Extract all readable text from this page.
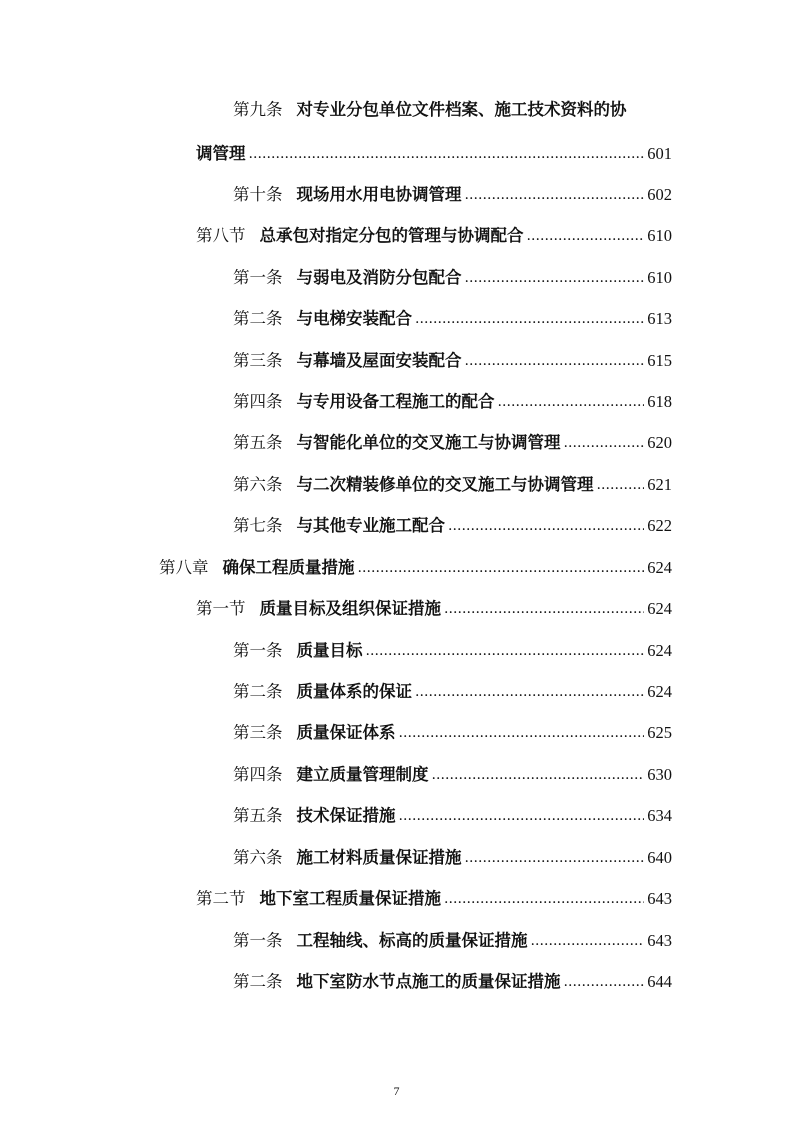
第九条 对专业分包单位文件档案、施工技术资料的协
调管理 . . .	601
第十条 现场用水用电协调管理 . . .	602
第八节 总承包对指定分包的管理与协调配合 . . .	610
第一条 与弱电及消防分包配合 . . .	610
第二条 与电梯安装配合 . . .	613
第三条 与幕墙及屋面安装配合 . . .	615
第四条 与专用设备工程施工的配合 . . .	618
第五条 与智能化单位的交叉施工与协调管理 . . .	620
第六条 与二次精装修单位的交叉施工与协调管理 . . .	621
第七条 与其他专业施工配合 . . .	622
第八章 确保工程质量措施 . . .	624
第一节 质量目标及组织保证措施 . . .	624
第一条 质量目标 . . .	624
第二条 质量体系的保证 . . .	624
第三条 质量保证体系 . . .	625
第四条 建立质量管理制度 . . .	630
第五条 技术保证措施 . . .	634
第六条 施工材料质量保证措施 . . .	640
第二节 地下室工程质量保证措施 . . .	643
第一条 工程轴线、标高的质量保证措施 . . .	643
第二条 地下室防水节点施工的质量保证措施 . . .	644
7
